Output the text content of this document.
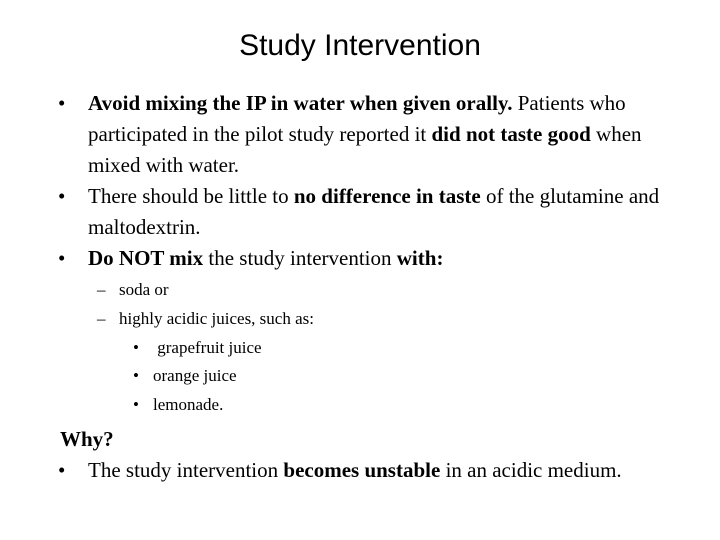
Study Intervention
•	Avoid mixing the IP in water when given orally. Patients who participated in the pilot study reported it did not taste good when mixed with water.
•	There should be little to no difference in taste of the glutamine and maltodextrin.
•	Do NOT mix the study intervention with:
– soda or
– highly acidic juices, such as:
• grapefruit juice
• orange juice
• lemonade.
Why?
•	The study intervention becomes unstable in an acidic medium.
